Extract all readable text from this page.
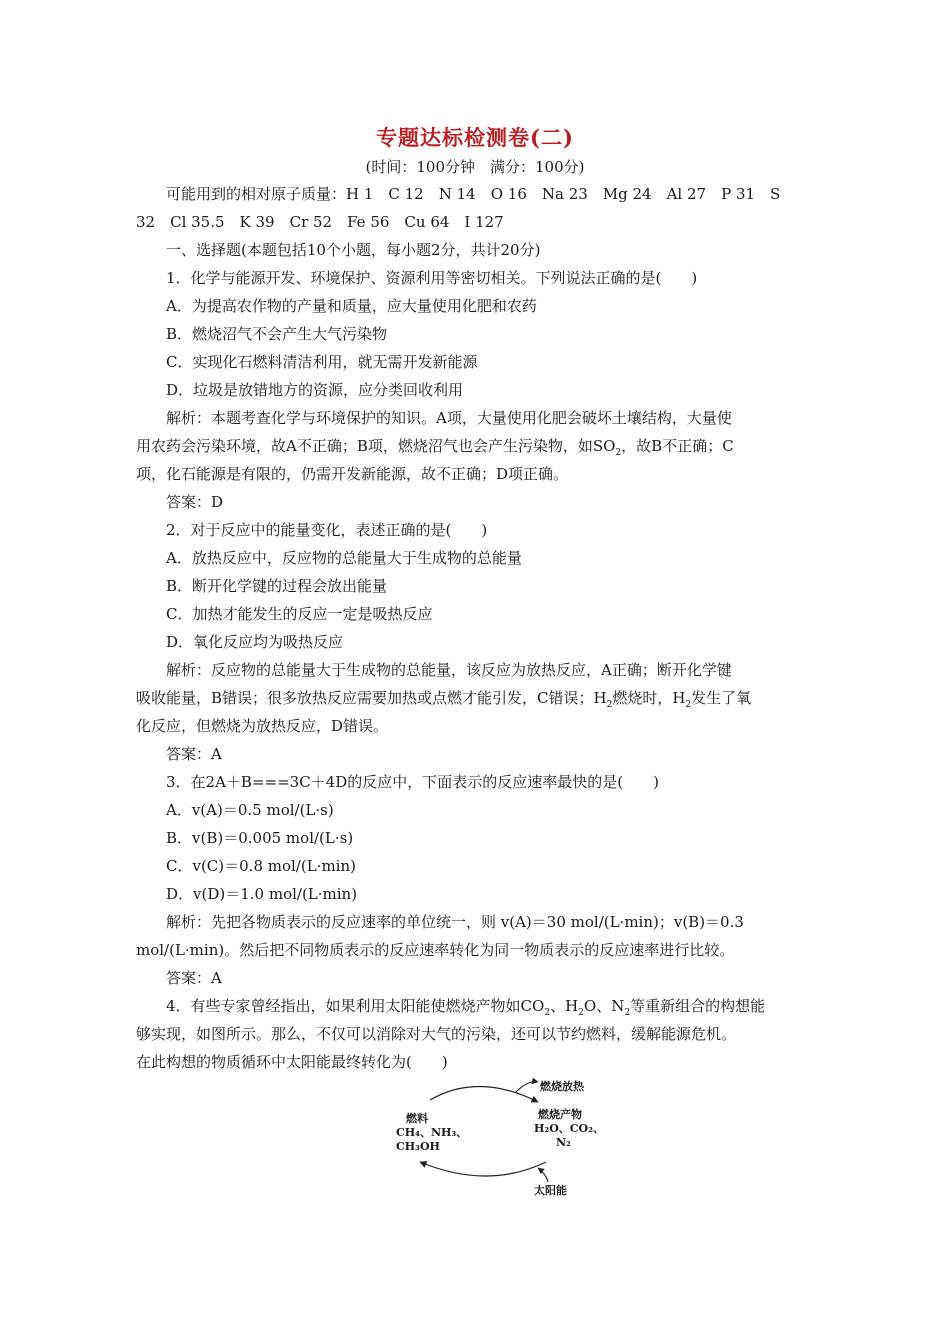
专题达标检测卷(二)
(时间：100分钟　满分：100分)

可能用到的相对原子质量：H 1　C 12　N 14　O 16　Na 23　Mg 24　Al 27　P 31　S

32　Cl 35.5　K 39　Cr 52　Fe 56　Cu 64　I 127

一、选择题(本题包括10个小题，每小题2分，共计20分)

1．化学与能源开发、环境保护、资源利用等密切相关。下列说法正确的是(　　)

A．为提高农作物的产量和质量，应大量使用化肥和农药

B．燃烧沼气不会产生大气污染物

C．实现化石燃料清洁利用，就无需开发新能源

D．垃圾是放错地方的资源，应分类回收利用

解析：本题考查化学与环境保护的知识。A项，大量使用化肥会破坏土壤结构，大量使

用农药会污染环境，故A不正确；B项，燃烧沼气也会产生污染物，如$SO_2$，故B不正确；C

项，化石能源是有限的，仍需开发新能源，故不正确；D项正确。

答案：D

2．对于反应中的能量变化，表述正确的是(　　)

A．放热反应中，反应物的总能量大于生成物的总能量

B．断开化学键的过程会放出能量

C．加热才能发生的反应一定是吸热反应

D．氧化反应均为吸热反应

解析：反应物的总能量大于生成物的总能量，该反应为放热反应，A正确；断开化学键

吸收能量，B错误；很多放热反应需要加热或点燃才能引发，C错误；$H_2$燃烧时，$H_2$发生了氧

化反应，但燃烧为放热反应，D错误。

答案：A

3．在2A＋B===3C＋4D的反应中，下面表示的反应速率最快的是(　　)

A．v(A)＝0.5 mol/(L·s)

B．v(B)＝0.005 mol/(L·s)

C．v(C)＝0.8 mol/(L·min)

D．v(D)＝1.0 mol/(L·min)

解析：先把各物质表示的反应速率的单位统一，则 v(A)＝30 mol/(L·min)；v(B)＝0.3

mol/(L·min)。然后把不同物质表示的反应速率转化为同一物质表示的反应速率进行比较。

答案：A

4．有些专家曾经指出，如果利用太阳能使燃烧产物如$CO_2$、$H_2O$、$N_2$等重新组合的构想能

够实现，如图所示。那么，不仅可以消除对大气的污染，还可以节约燃料，缓解能源危机。

在此构想的物质循环中太阳能最终转化为(　　)

燃烧放热
燃料
CH₄、NH₃、
CH₃OH
燃烧产物
H₂O、CO₂、
N₂
太阳能
